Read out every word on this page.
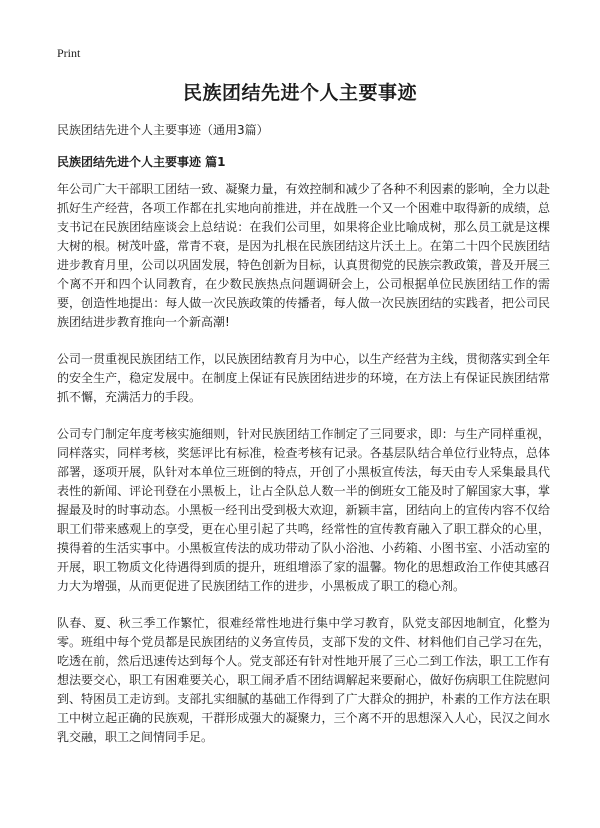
Print
民族团结先进个人主要事迹
民族团结先进个人主要事迹（通用3篇）
民族团结先进个人主要事迹 篇1

年公司广大干部职工团结一致、凝聚力量，有效控制和减少了各种不利因素的影响，全力以赴抓好生产经营，各项工作都在扎实地向前推进，并在战胜一个又一个困难中取得新的成绩，总支书记在民族团结座谈会上总结说：在我们公司里，如果将企业比喻成树，那么员工就是这棵大树的根。树茂叶盛，常青不衰，是因为扎根在民族团结这片沃土上。在第二十四个民族团结进步教育月里，公司以巩固发展，特色创新为目标，认真贯彻党的民族宗教政策，普及开展三个离不开和四个认同教育，在少数民族热点问题调研会上，公司根据单位民族团结工作的需要，创造性地提出：每人做一次民族政策的传播者，每人做一次民族团结的实践者，把公司民族团结进步教育推向一个新高潮!

公司一贯重视民族团结工作，以民族团结教育月为中心，以生产经营为主线，贯彻落实到全年的安全生产，稳定发展中。在制度上保证有民族团结进步的环境，在方法上有保证民族团结常抓不懈，充满活力的手段。

公司专门制定年度考核实施细则，针对民族团结工作制定了三同要求，即：与生产同样重视，同样落实，同样考核，奖惩评比有标准，检查考核有记录。各基层队结合单位行业特点，总体部署，逐项开展，队针对本单位三班倒的特点，开创了小黑板宣传法，每天由专人采集最具代表性的新闻、评论刊登在小黑板上，让占全队总人数一半的倒班女工能及时了解国家大事，掌握最及时的时事动态。小黑板一经刊出受到极大欢迎，新颖丰富，团结向上的宣传内容不仅给职工们带来感观上的享受，更在心里引起了共鸣，经常性的宣传教育融入了职工群众的心里，摸得着的生活实事中。小黑板宣传法的成功带动了队小浴池、小药箱、小图书室、小活动室的开展，职工物质文化待遇得到质的提升，班组增添了家的温馨。物化的思想政治工作使其感召力大为增强，从而更促进了民族团结工作的进步，小黑板成了职工的稳心剂。

队春、夏、秋三季工作繁忙，很难经常性地进行集中学习教育，队党支部因地制宜，化整为零。班组中每个党员都是民族团结的义务宣传员，支部下发的文件、材料他们自己学习在先，吃透在前，然后迅速传达到每个人。党支部还有针对性地开展了三心二到工作法，职工工作有想法要交心，职工有困难要关心，职工闹矛盾不团结调解起来要耐心，做好伤病职工住院慰问到、特困员工走访到。支部扎实细腻的基础工作得到了广大群众的拥护，朴素的工作方法在职工中树立起正确的民族观，干群形成强大的凝聚力，三个离不开的思想深入人心，民汉之间水乳交融，职工之间情同手足。
